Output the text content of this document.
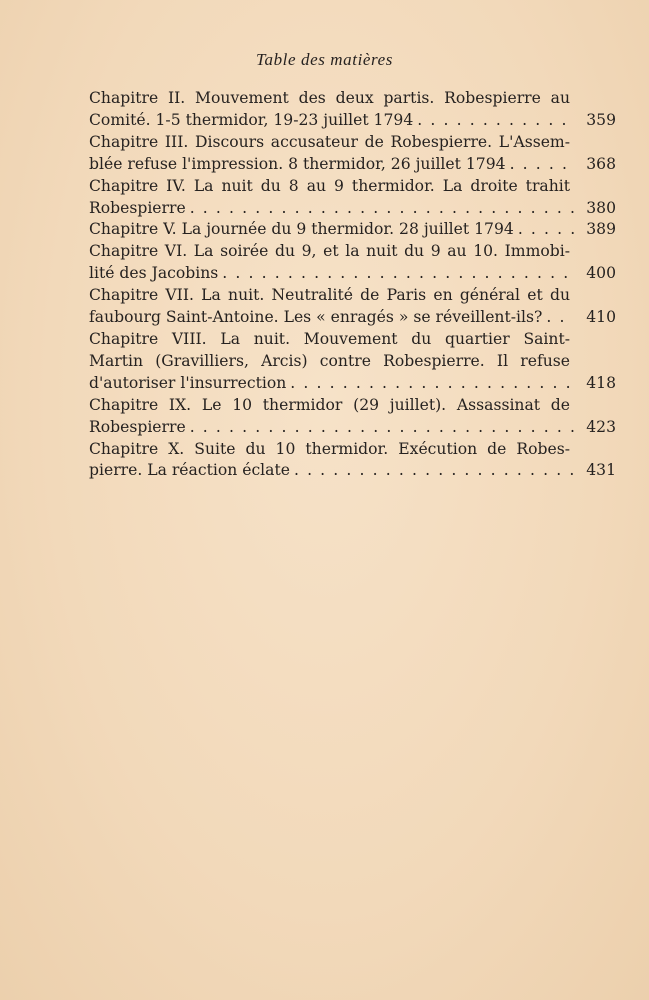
Table des matières
Chapitre II. Mouvement des deux partis. Robespierre au
Comité. 1-5 thermidor, 19-23 juillet 1794 . . .	359
Chapitre III. Discours accusateur de Robespierre. L'Assem-
blée refuse l'impression. 8 thermidor, 26 juillet 1794 . . .	368
Chapitre IV. La nuit du 8 au 9 thermidor. La droite trahit
Robespierre . . .	380
Chapitre V. La journée du 9 thermidor. 28 juillet 1794 . . .	389
Chapitre VI. La soirée du 9, et la nuit du 9 au 10. Immobi-
lité des Jacobins . . .	400
Chapitre VII. La nuit. Neutralité de Paris en général et du
faubourg Saint-Antoine. Les « enragés » se réveillent-ils? . . .	410
Chapitre VIII. La nuit. Mouvement du quartier Saint-
Martin (Gravilliers, Arcis) contre Robespierre. Il refuse
d'autoriser l'insurrection . . .	418
Chapitre IX. Le 10 thermidor (29 juillet). Assassinat de
Robespierre . . .	423
Chapitre X. Suite du 10 thermidor. Exécution de Robes-
pierre. La réaction éclate . . .	431
